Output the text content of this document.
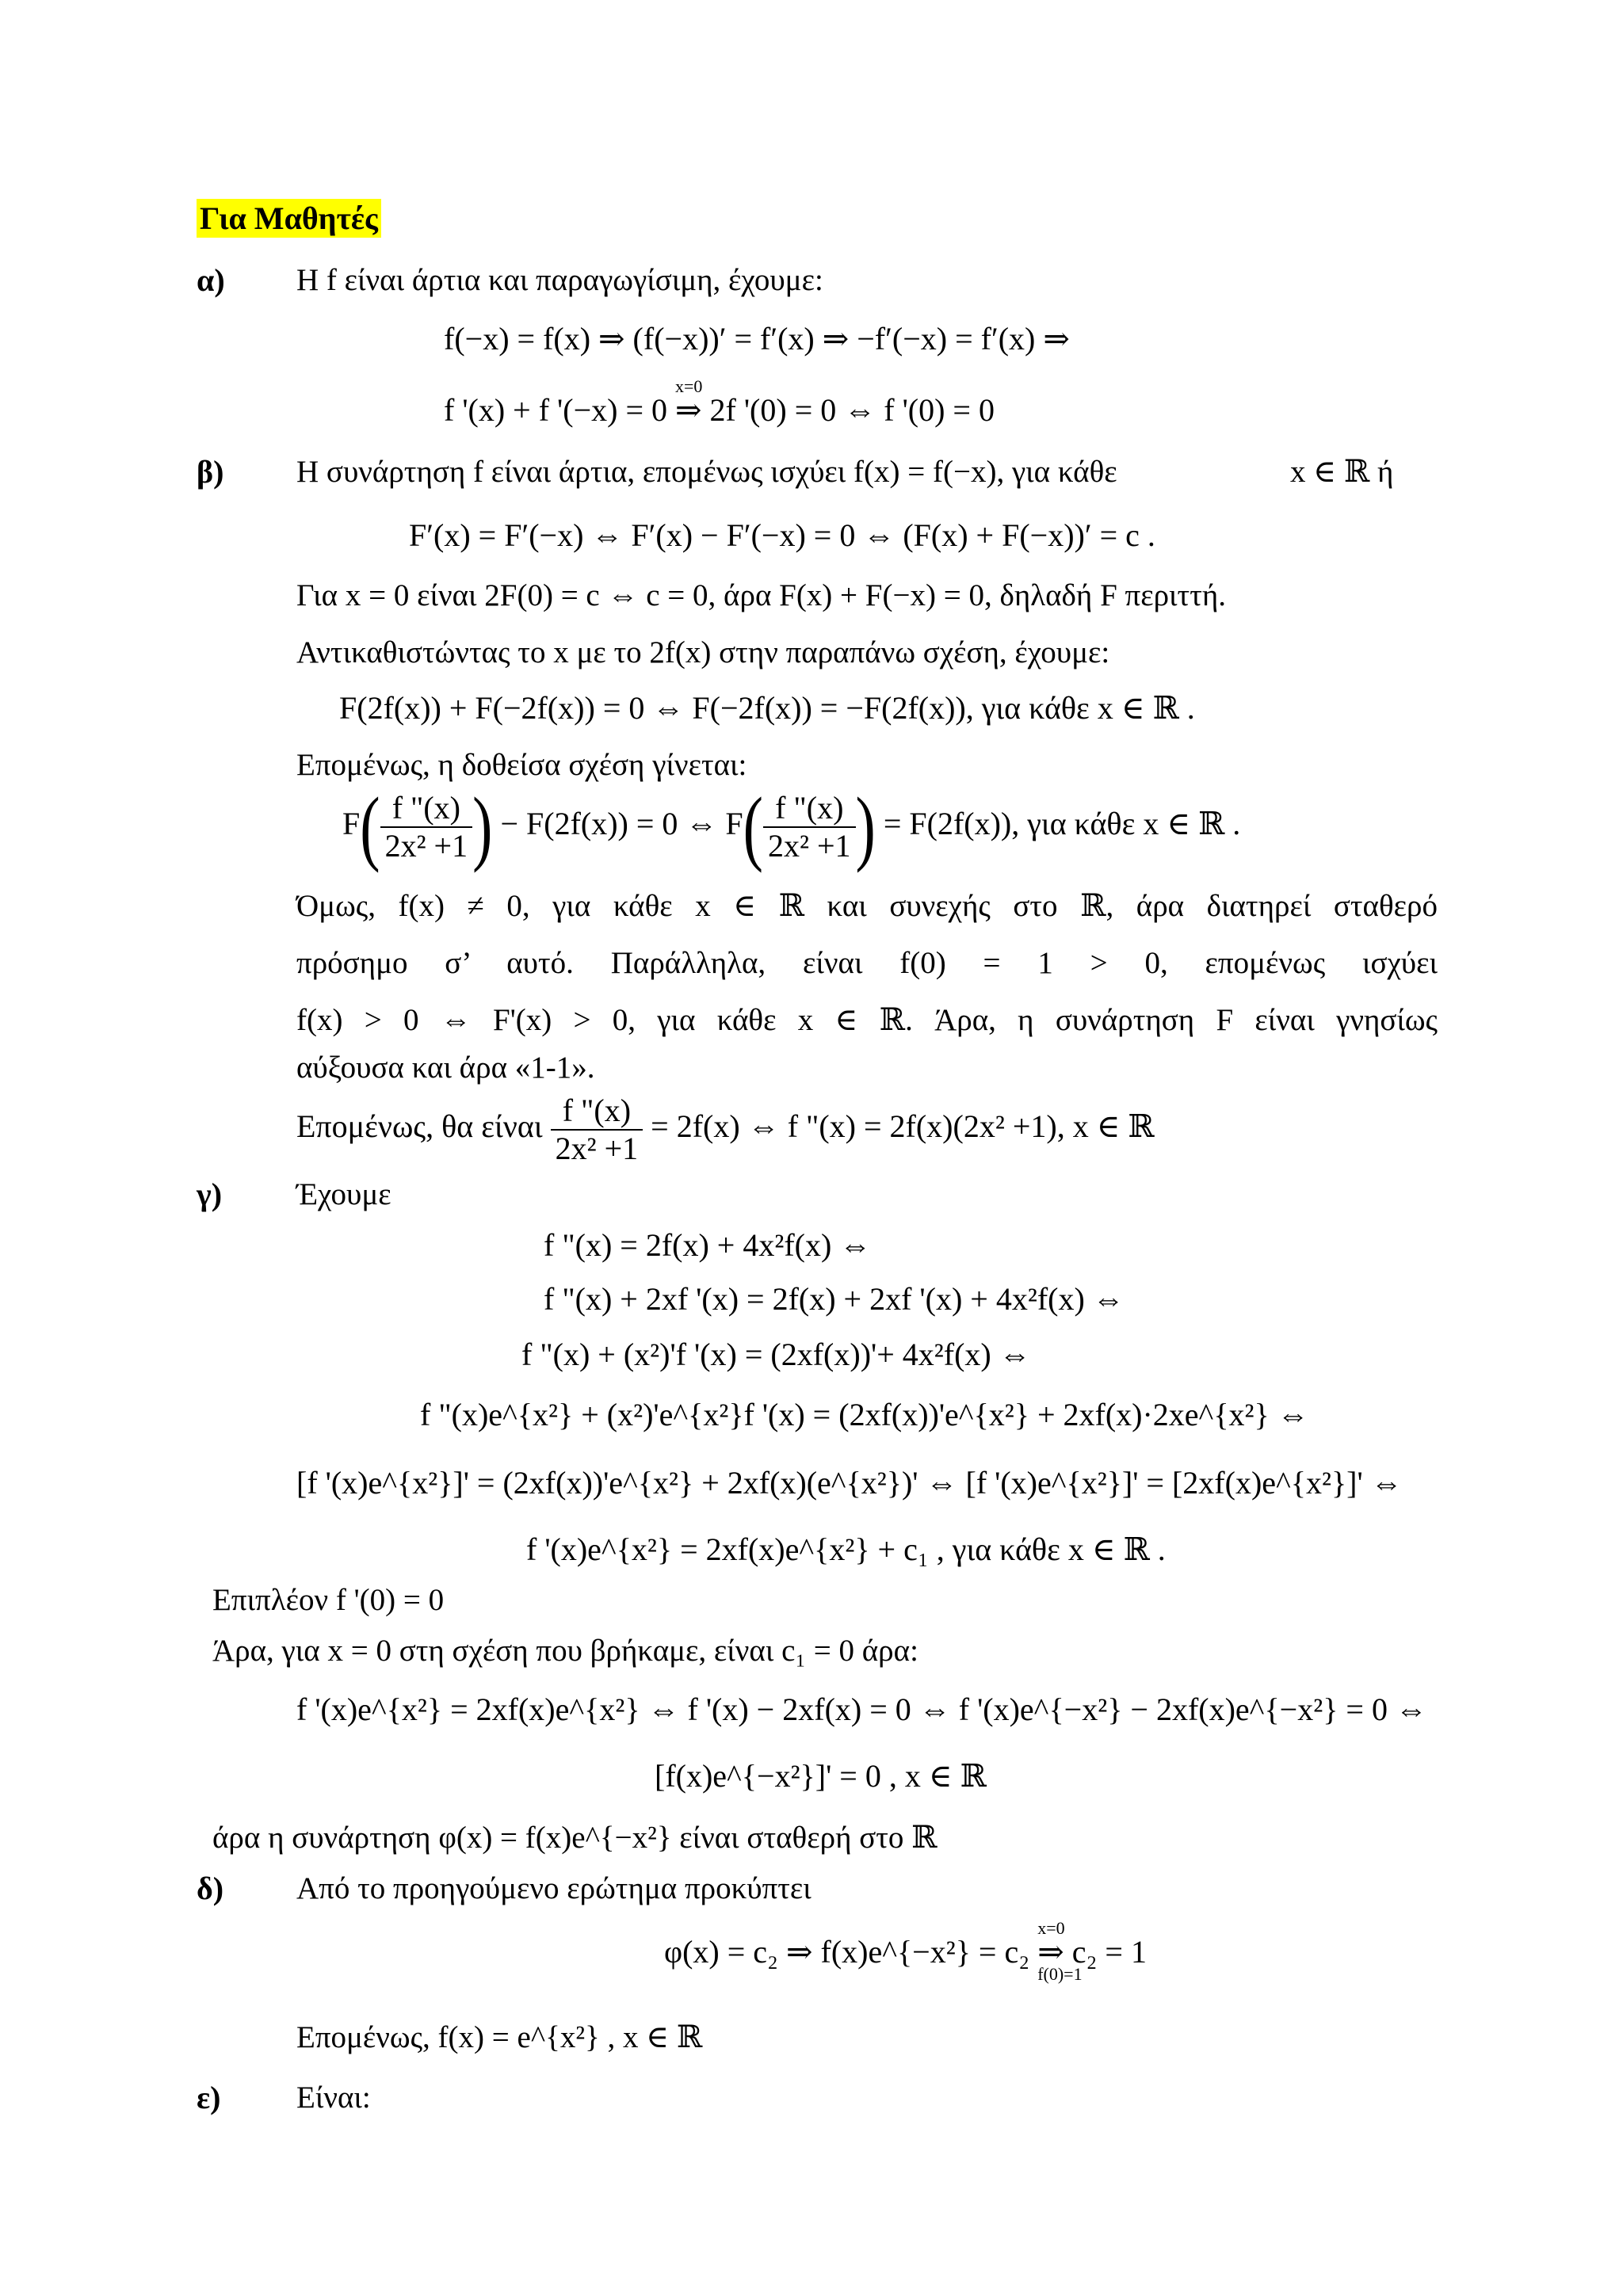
Για Μαθητές
α) Η f είναι άρτια και παραγωγίσιμη, έχουμε:
f(−x) = f(x) ⇒ (f(−x))′ = f′(x) ⇒ −f′(−x) = f′(x) ⇒
f '(x) + f '(−x) = 0
x=0
⇒ 2f '(0) = 0 ⇔ f '(0) = 0
β) Η συνάρτηση f είναι άρτια, επομένως ισχύει f(x) = f(−x), για κάθε	x ∈ ℝ ή
F′(x) = F′(−x) ⇔ F′(x) − F′(−x) = 0 ⇔ (F(x) + F(−x))′ = c .
Για x = 0 είναι 2F(0) = c ⇔ c = 0, άρα F(x) + F(−x) = 0, δηλαδή F περιττή.
Αντικαθιστώντας το x με το 2f(x) στην παραπάνω σχέση, έχουμε:
F(2f(x)) + F(−2f(x)) = 0 ⇔ F(−2f(x)) = −F(2f(x)), για κάθε x ∈ ℝ .
Επομένως, η δοθείσα σχέση γίνεται:
$F( \frac{f "(x)}{\text{2x² +1}}$ ) − F(2f(x)) = 0 ⇔ $F( \frac{f "(x)}{\text{2x² +1}}$ ) = F(2f(x)), για κάθε x ∈ ℝ .
Όμως, f(x) ≠ 0, για κάθε x ∈ ℝ και συνεχής στο ℝ, άρα διατηρεί σταθερό
πρόσημο σ’ αυτό. Παράλληλα, είναι f(0) = 1 > 0, επομένως ισχύει
f(x) > 0 ⇔ F'(x) > 0, για κάθε x ∈ ℝ. Άρα, η συνάρτηση F είναι γνησίως
αύξουσα και άρα «1-1».
Επομένως, θα είναι $\frac{f "(x)}{\text{2x² +1}} = 2f(x)$ ⇔ f "(x) = 2f(x)(2x² +1), x ∈ ℝ
γ) Έχουμε
f "(x) = 2f(x) + 4x²f(x) ⇔
f "(x) + 2xf '(x) = 2f(x) + 2xf '(x) + 4x²f(x) ⇔
f "(x) + (x²)'f '(x) = (2xf(x))'+ 4x²f(x) ⇔
f "(x)e^{x²} + (x²)'e^{x²}f '(x) = (2xf(x))'e^{x²} + 2xf(x)·2xe^{x²} ⇔
[f '(x)e^{x²}]' = (2xf(x))'e^{x²} + 2xf(x)(e^{x²})' ⇔ [f '(x)e^{x²}]' = [2xf(x)e^{x²}]' ⇔
f '(x)e^{x²} = 2xf(x)e^{x²} + c₁ , για κάθε x ∈ ℝ .
Επιπλέον f '(0) = 0
Άρα, για x = 0 στη σχέση που βρήκαμε, είναι c₁ = 0 άρα:
f '(x)e^{x²} = 2xf(x)e^{x²} ⇔ f '(x) − 2xf(x) = 0 ⇔ f '(x)e^{−x²} − 2xf(x)e^{−x²} = 0 ⇔
[f(x)e^{−x²}]' = 0 , x ∈ ℝ
άρα η συνάρτηση φ(x) = f(x)e^{−x²} είναι σταθερή στο ℝ
δ) Από το προηγούμενο ερώτημα προκύπτει
φ(x) = c₂ ⇒ f(x)e^{−x²} = c₂
x=0
⇒
f(0)=1
c₂ = 1
Επομένως, f(x) = e^{x²} , x ∈ ℝ
ε) Είναι:
